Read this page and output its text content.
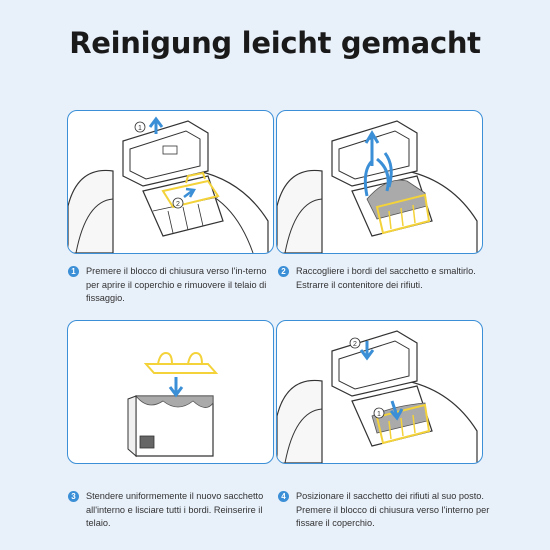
Reinigung leicht gemacht
1
2
2
1
1	Premere il blocco di chiusura verso l'in-terno per aprire il coperchio e rimuovere il telaio di fissaggio.
2	Raccogliere i bordi del sacchetto e smaltirlo. Estrarre il contenitore dei rifiuti.
3	Stendere uniformemente il nuovo sacchetto all'interno e lisciare tutti i bordi. Reinserire il telaio.
4	Posizionare il sacchetto dei rifiuti al suo posto. Premere il blocco di chiusura verso l'interno per fissare il coperchio.
